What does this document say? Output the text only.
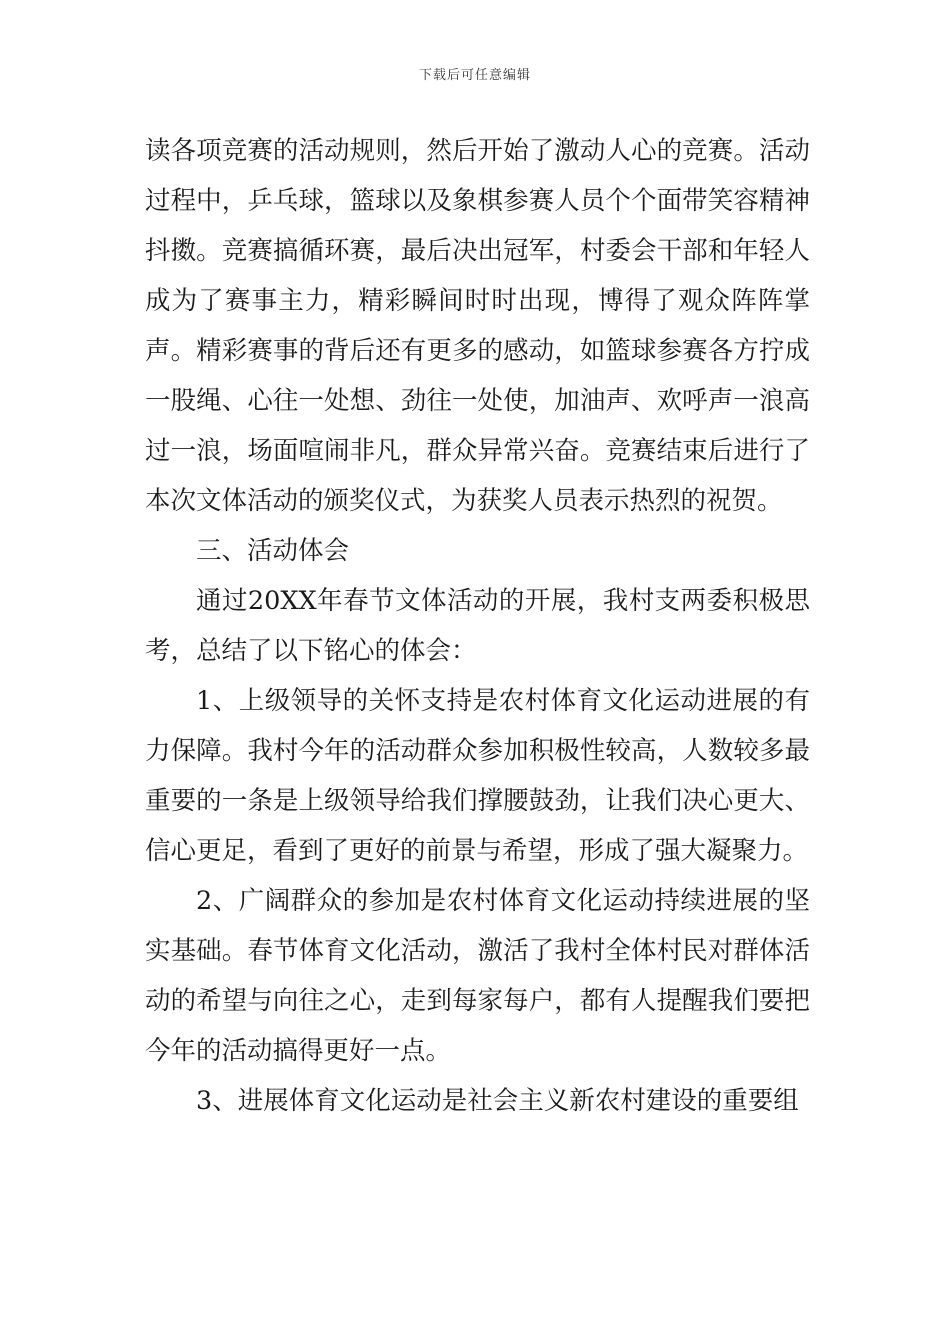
下载后可任意编辑

读各项竞赛的活动规则，然后开始了激动人心的竞赛。活动过程中，乒乓球，篮球以及象棋参赛人员个个面带笑容精神抖擞。竞赛搞循环赛，最后决出冠军，村委会干部和年轻人成为了赛事主力，精彩瞬间时时出现，博得了观众阵阵掌声。精彩赛事的背后还有更多的感动，如篮球参赛各方拧成一股绳、心往一处想、劲往一处使，加油声、欢呼声一浪高过一浪，场面喧闹非凡，群众异常兴奋。竞赛结束后进行了本次文体活动的颁奖仪式，为获奖人员表示热烈的祝贺。

三、活动体会

通过20XX年春节文体活动的开展，我村支两委积极思考，总结了以下铭心的体会：

1、上级领导的关怀支持是农村体育文化运动进展的有力保障。我村今年的活动群众参加积极性较高，人数较多最重要的一条是上级领导给我们撑腰鼓劲，让我们决心更大、信心更足，看到了更好的前景与希望，形成了强大凝聚力。

2、广阔群众的参加是农村体育文化运动持续进展的坚实基础。春节体育文化活动，激活了我村全体村民对群体活动的希望与向往之心，走到每家每户，都有人提醒我们要把今年的活动搞得更好一点。

3、进展体育文化运动是社会主义新农村建设的重要组
